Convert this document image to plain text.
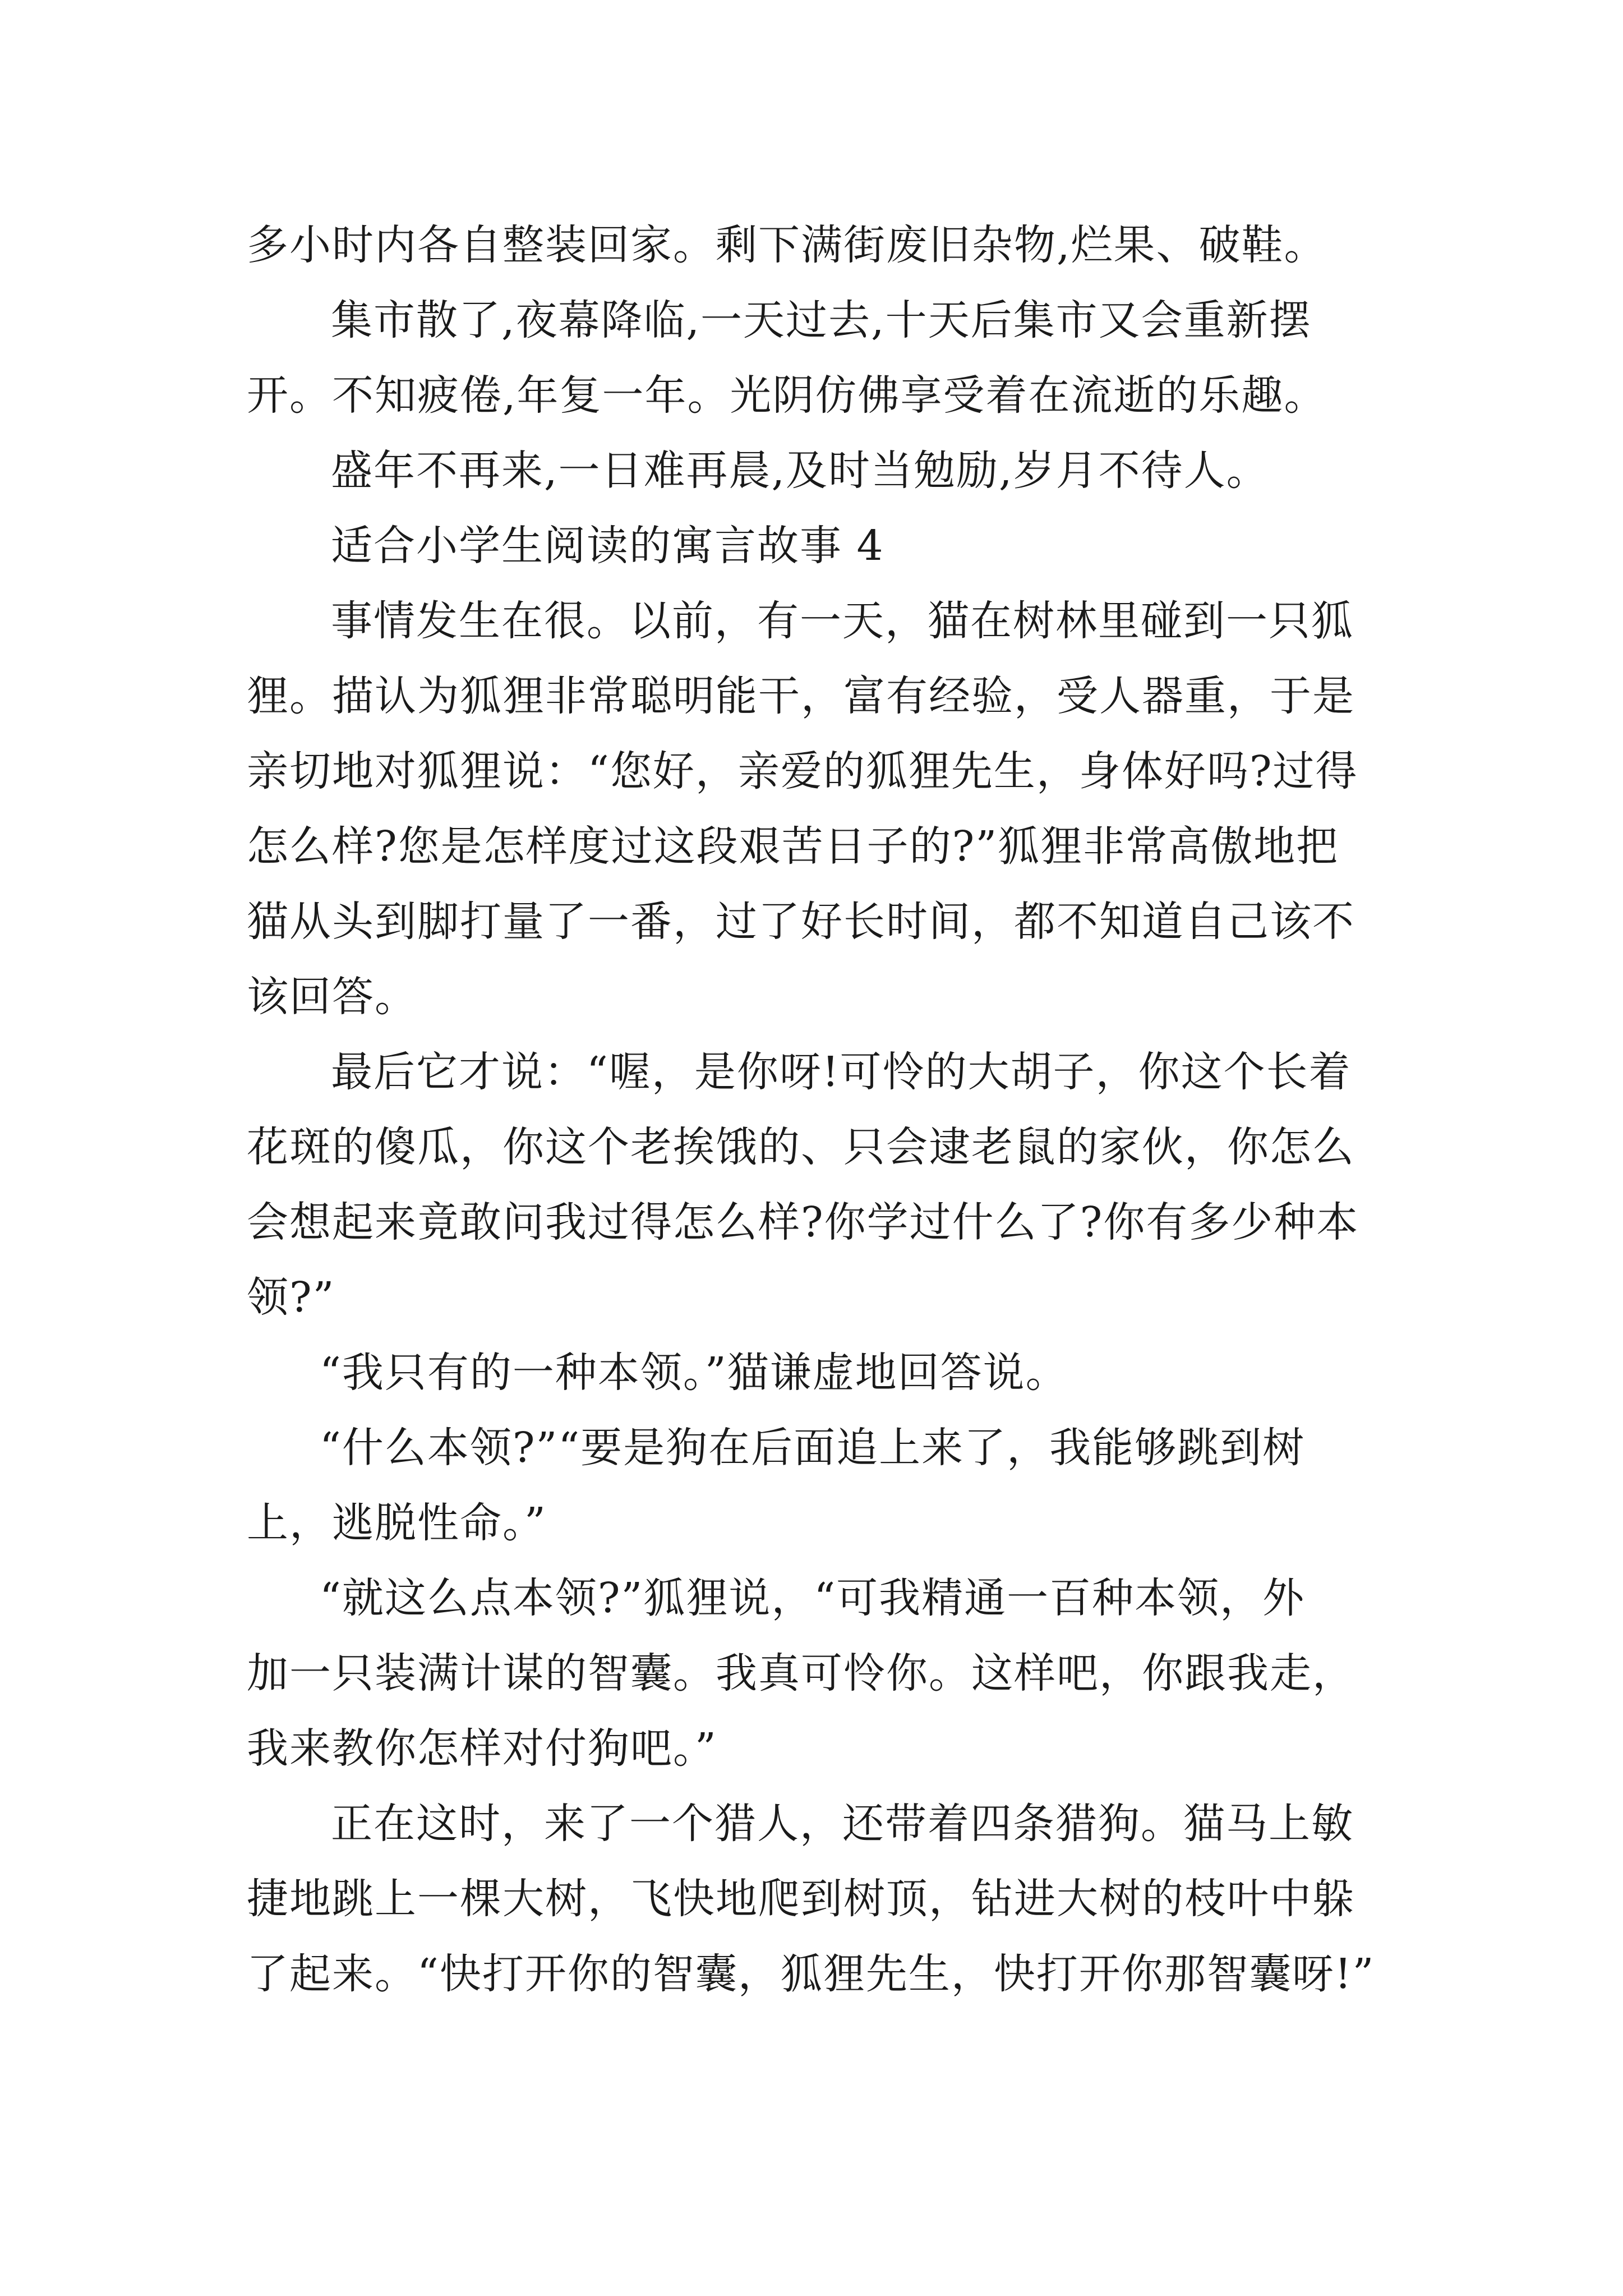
多小时内各自整装回家。剩下满街废旧杂物,烂果、破鞋。
集市散了,夜幕降临,一天过去,十天后集市又会重新摆
开。不知疲倦,年复一年。光阴仿佛享受着在流逝的乐趣。
盛年不再来,一日难再晨,及时当勉励,岁月不待人。
适合小学生阅读的寓言故事 4
事情发生在很。以前，有一天，猫在树林里碰到一只狐
狸。描认为狐狸非常聪明能干，富有经验，受人器重，于是
亲切地对狐狸说：“您好，亲爱的狐狸先生，身体好吗?过得
怎么样?您是怎样度过这段艰苦日子的?”狐狸非常高傲地把
猫从头到脚打量了一番，过了好长时间，都不知道自己该不
该回答。
最后它才说：“喔，是你呀!可怜的大胡子，你这个长着
花斑的傻瓜，你这个老挨饿的、只会逮老鼠的家伙，你怎么
会想起来竟敢问我过得怎么样?你学过什么了?你有多少种本
领?”
“我只有的一种本领。”猫谦虚地回答说。
“什么本领?”“要是狗在后面追上来了，我能够跳到树
上，逃脱性命。”
“就这么点本领?”狐狸说，“可我精通一百种本领，外
加一只装满计谋的智囊。我真可怜你。这样吧，你跟我走，
我来教你怎样对付狗吧。”
正在这时，来了一个猎人，还带着四条猎狗。猫马上敏
捷地跳上一棵大树，飞快地爬到树顶，钻进大树的枝叶中躲
了起来。“快打开你的智囊，狐狸先生，快打开你那智囊呀!”
